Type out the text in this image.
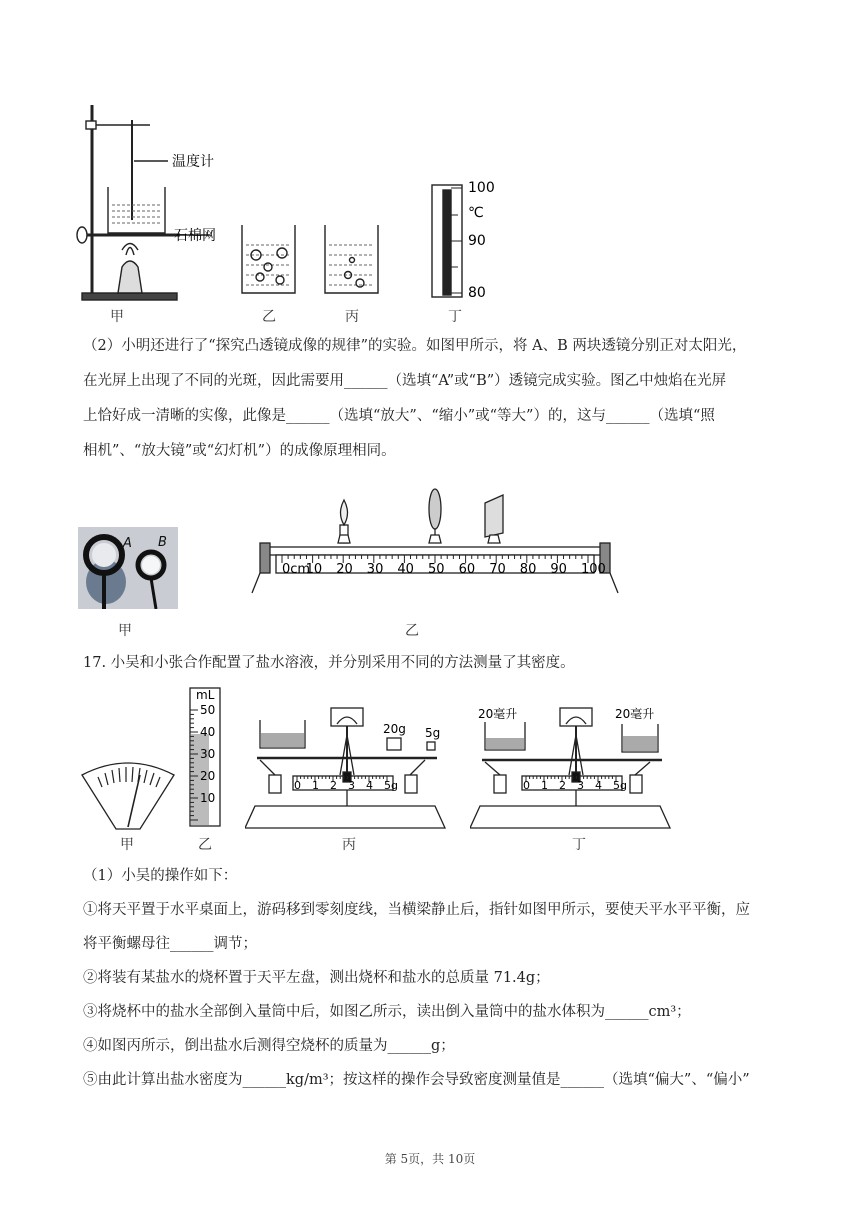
100
℃
90
80
温度计
石棉网
甲	乙	丙	丁
（2）小明还进行了“探究凸透镜成像的规律”的实验。如图甲所示，将 A、B 两块透镜分别正对太阳光，
在光屏上出现了不同的光斑，因此需要用______（选填“A”或“B”）透镜完成实验。图乙中烛焰在光屏
上恰好成一清晰的实像，此像是______（选填“放大”、“缩小”或“等大”）的，这与______（选填“照
相机”、“放大镜”或“幻灯机”）的成像原理相同。
A B
0cm
10 20 30 40 50 60 70 80 90 100
甲	乙
17. 小吴和小张合作配置了盐水溶液，并分别采用不同的方法测量了其密度。
mL
50
40
30
20
10
0 1 2 3 4 5g
20g 5g
0 1 2 3 4 5g
20毫升	20毫升
甲	乙	丙	丁
（1）小吴的操作如下：
①将天平置于水平桌面上，游码移到零刻度线，当横梁静止后，指针如图甲所示，要使天平水平平衡，应
将平衡螺母往______调节；
②将装有某盐水的烧杯置于天平左盘，测出烧杯和盐水的总质量 71.4g；
③将烧杯中的盐水全部倒入量筒中后，如图乙所示，读出倒入量筒中的盐水体积为______cm³；
④如图丙所示，倒出盐水后测得空烧杯的质量为______g；
⑤由此计算出盐水密度为______kg/m³；按这样的操作会导致密度测量值是______（选填“偏大”、“偏小”
第 5页，共 10页
